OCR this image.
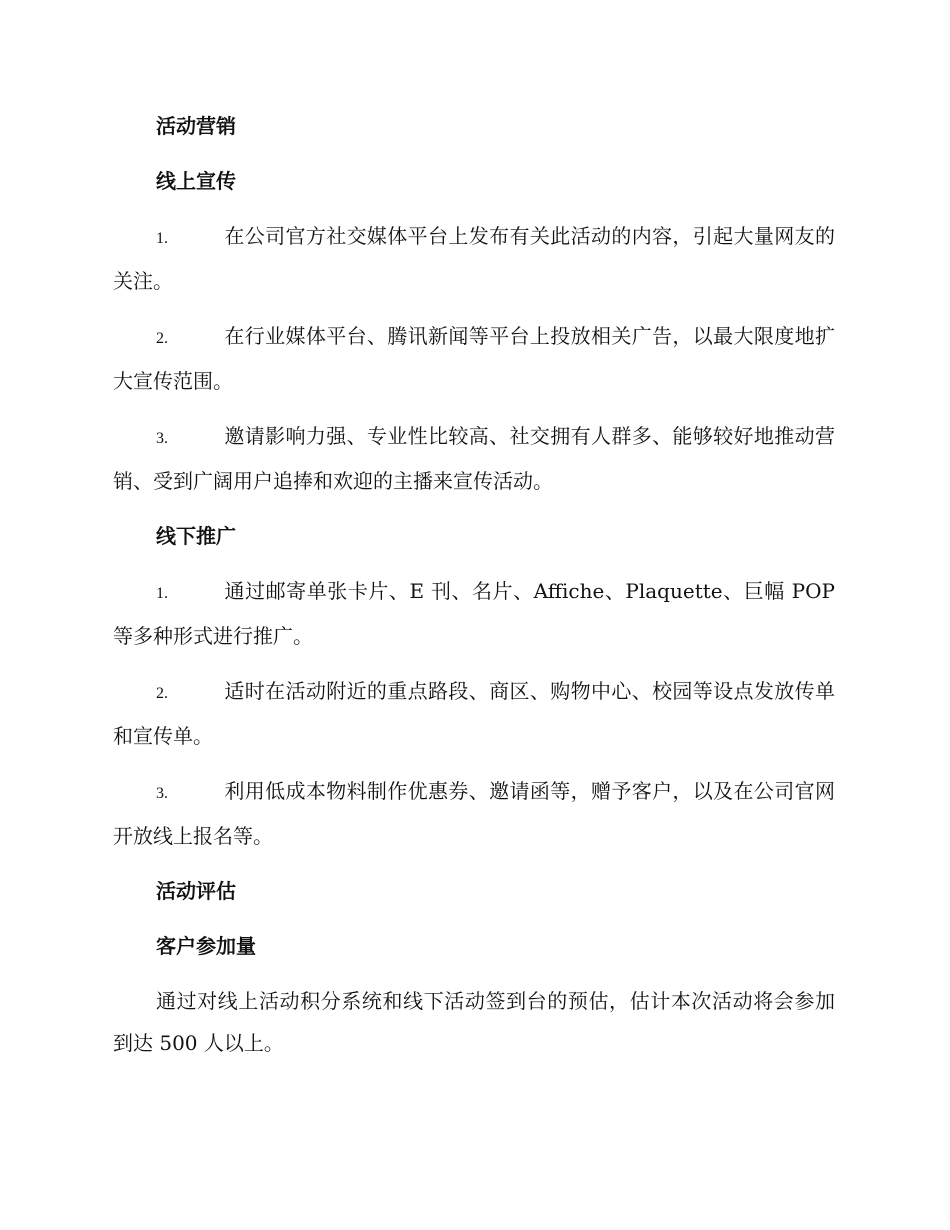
活动营销
线上宣传
1.	在公司官方社交媒体平台上发布有关此活动的内容，引起大量网友的关注。
2.	在行业媒体平台、腾讯新闻等平台上投放相关广告，以最大限度地扩大宣传范围。
3.	邀请影响力强、专业性比较高、社交拥有人群多、能够较好地推动营销、受到广阔用户追捧和欢迎的主播来宣传活动。
线下推广
1.	通过邮寄单张卡片、E 刊、名片、Affiche、Plaquette、巨幅 POP 等多种形式进行推广。
2.	适时在活动附近的重点路段、商区、购物中心、校园等设点发放传单和宣传单。
3.	利用低成本物料制作优惠券、邀请函等，赠予客户，以及在公司官网开放线上报名等。
活动评估
客户参加量
通过对线上活动积分系统和线下活动签到台的预估，估计本次活动将会参加到达 500 人以上。
